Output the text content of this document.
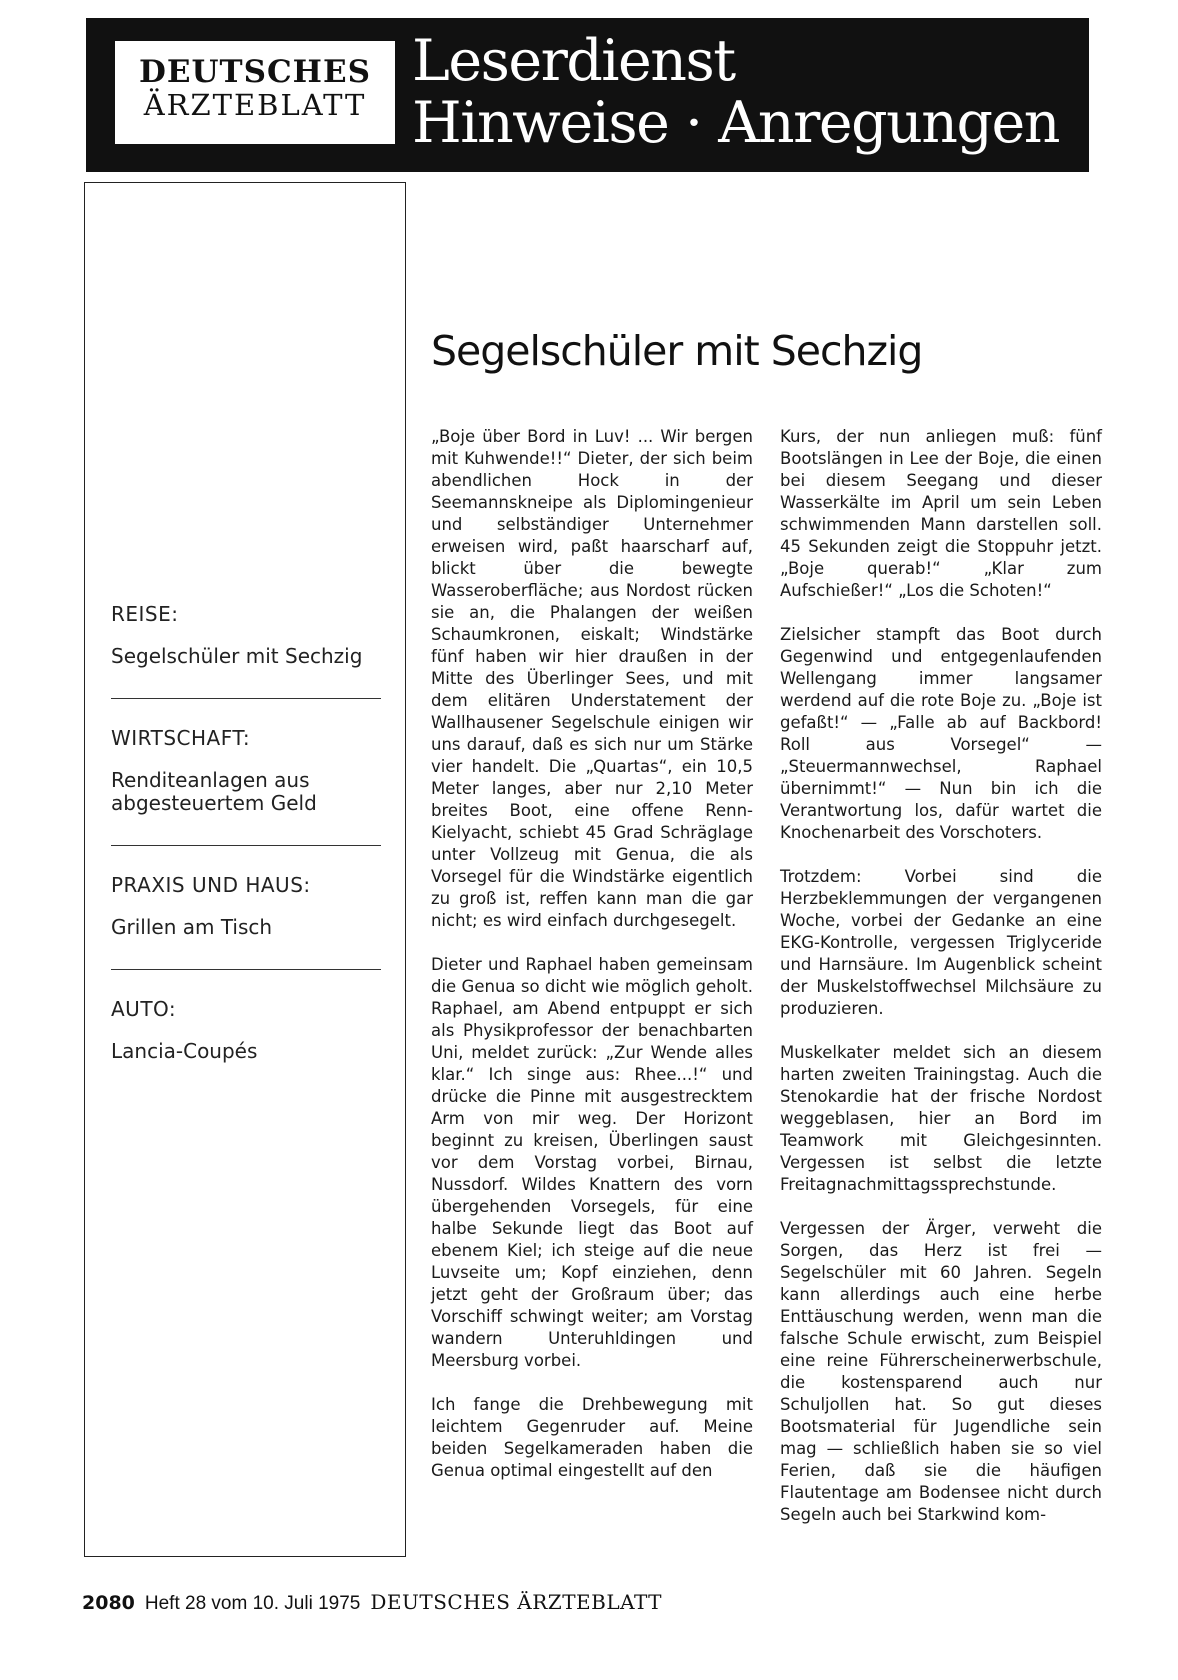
DEUTSCHES
ÄRZTEBLATT
Leserdienst
Hinweise · Anregungen
REISE:
Segelschüler mit Sechzig
WIRTSCHAFT:
Renditeanlagen aus
abgesteuertem Geld
PRAXIS UND HAUS:
Grillen am Tisch
AUTO:
Lancia-Coupés
Segelschüler mit Sechzig

„Boje über Bord in Luv! ... Wir bergen mit Kuhwende!!“ Dieter, der sich beim abendlichen Hock in der Seemannskneipe als Diplomingenieur und selbständiger Unternehmer erweisen wird, paßt haarscharf auf, blickt über die bewegte Wasseroberfläche; aus Nordost rücken sie an, die Phalangen der weißen Schaumkronen, eiskalt; Windstärke fünf haben wir hier draußen in der Mitte des Überlinger Sees, und mit dem elitären Understatement der Wallhausener Segelschule einigen wir uns darauf, daß es sich nur um Stärke vier handelt. Die „Quartas“, ein 10,5 Meter langes, aber nur 2,10 Meter breites Boot, eine offene Renn-Kielyacht, schiebt 45 Grad Schräglage unter Vollzeug mit Genua, die als Vorsegel für die Windstärke eigentlich zu groß ist, reffen kann man die gar nicht; es wird einfach durchgesegelt.

Dieter und Raphael haben gemeinsam die Genua so dicht wie möglich geholt. Raphael, am Abend entpuppt er sich als Physikprofessor der benachbarten Uni, meldet zurück: „Zur Wende alles klar.“ Ich singe aus: Rhee...!“ und drücke die Pinne mit ausgestrecktem Arm von mir weg. Der Horizont beginnt zu kreisen, Überlingen saust vor dem Vorstag vorbei, Birnau, Nussdorf. Wildes Knattern des vorn übergehenden Vorsegels, für eine halbe Sekunde liegt das Boot auf ebenem Kiel; ich steige auf die neue Luvseite um; Kopf einziehen, denn jetzt geht der Großraum über; das Vorschiff schwingt weiter; am Vorstag wandern Unteruhldingen und Meersburg vorbei.

Ich fange die Drehbewegung mit leichtem Gegenruder auf. Meine beiden Segelkameraden haben die Genua optimal eingestellt auf den

Kurs, der nun anliegen muß: fünf Bootslängen in Lee der Boje, die einen bei diesem Seegang und dieser Wasserkälte im April um sein Leben schwimmenden Mann darstellen soll. 45 Sekunden zeigt die Stoppuhr jetzt. „Boje querab!“ „Klar zum Aufschießer!“ „Los die Schoten!“

Zielsicher stampft das Boot durch Gegenwind und entgegenlaufenden Wellengang immer langsamer werdend auf die rote Boje zu. „Boje ist gefaßt!“ — „Falle ab auf Backbord! Roll aus Vorsegel“ — „Steuermannwechsel, Raphael übernimmt!“ — Nun bin ich die Verantwortung los, dafür wartet die Knochenarbeit des Vorschoters.

Trotzdem: Vorbei sind die Herzbeklemmungen der vergangenen Woche, vorbei der Gedanke an eine EKG-Kontrolle, vergessen Triglyceride und Harnsäure. Im Augenblick scheint der Muskelstoffwechsel Milchsäure zu produzieren.

Muskelkater meldet sich an diesem harten zweiten Trainingstag. Auch die Stenokardie hat der frische Nordost weggeblasen, hier an Bord im Teamwork mit Gleichgesinnten. Vergessen ist selbst die letzte Freitagnachmittagssprechstunde.

Vergessen der Ärger, verweht die Sorgen, das Herz ist frei — Segelschüler mit 60 Jahren. Segeln kann allerdings auch eine herbe Enttäuschung werden, wenn man die falsche Schule erwischt, zum Beispiel eine reine Führerscheinerwerbschule, die kostensparend auch nur Schuljollen hat. So gut dieses Bootsmaterial für Jugendliche sein mag — schließlich haben sie so viel Ferien, daß sie die häufigen Flautentage am Bodensee nicht durch Segeln auch bei Starkwind kom-

2080 Heft 28 vom 10. Juli 1975 DEUTSCHES ÄRZTEBLATT
